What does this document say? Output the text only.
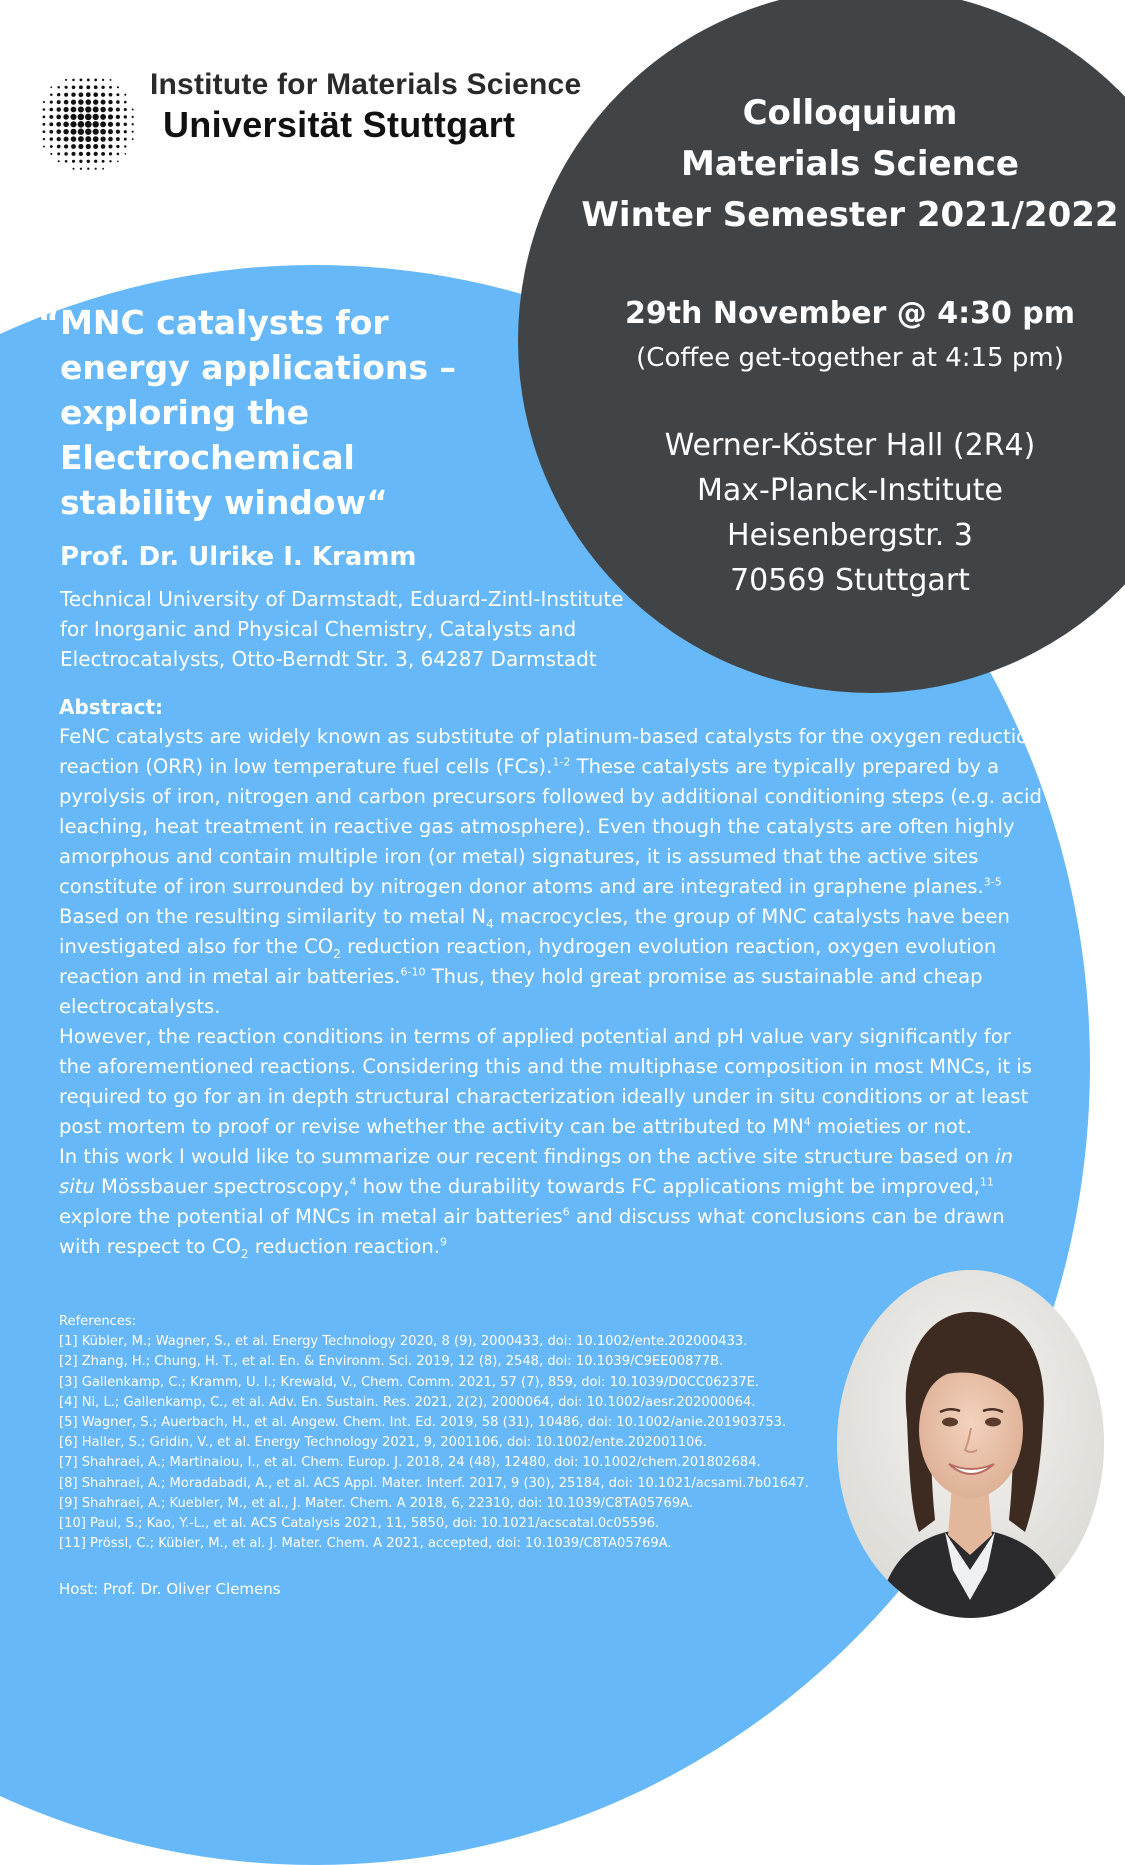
Institute for Materials Science
Universität Stuttgart	Colloquium
Materials Science
Winter Semester 2021/2022
29th November @ 4:30 pm
(Coffee get-together at 4:15 pm)
Werner-Köster Hall (2R4)
Max-Planck-Institute
Heisenbergstr. 3
70569 Stuttgart
“ MNC catalysts for
energy applications –
exploring the
Electrochemical
stability window“
Prof. Dr. Ulrike I. Kramm
Technical University of Darmstadt, Eduard-Zintl-Institute
for Inorganic and Physical Chemistry, Catalysts and
Electrocatalysts, Otto-Berndt Str. 3, 64287 Darmstadt
Abstract:

FeNC catalysts are widely known as substitute of platinum-based catalysts for the oxygen reduction reaction (ORR) in low temperature fuel cells (FCs).$^{1-2}$ These catalysts are typically prepared by a pyrolysis of iron, nitrogen and carbon precursors followed by additional conditioning steps (e.g. acid leaching, heat treatment in reactive gas atmosphere). Even though the catalysts are often highly amorphous and contain multiple iron (or metal) signatures, it is assumed that the active sites constitute of iron surrounded by nitrogen donor atoms and are integrated in graphene planes.$^{3-5}$ Based on the resulting similarity to metal $N_4$ macrocycles, the group of MNC catalysts have been investigated also for the $CO_2$ reduction reaction, hydrogen evolution reaction, oxygen evolution reaction and in metal air batteries.$^{6-10}$ Thus, they hold great promise as sustainable and cheap electrocatalysts.

However, the reaction conditions in terms of applied potential and pH value vary significantly for the aforementioned reactions. Considering this and the multiphase composition in most MNCs, it is required to go for an in depth structural characterization ideally under in situ conditions or at least post mortem to proof or revise whether the activity can be attributed to $MN^4$ moieties or not.

In this work I would like to summarize our recent findings on the active site structure based on in situ Mössbauer spectroscopy,$^4$ how the durability towards FC applications might be improved,$^{11}$ explore the potential of MNCs in metal air batteries$^6$ and discuss what conclusions can be drawn with respect to $CO_2$ reduction reaction.$^9$

References:
[1] Kübler, M.; Wagner, S., et al. Energy Technology 2020, 8 (9), 2000433, doi: 10.1002/ente.202000433.
[2] Zhang, H.; Chung, H. T., et al. En. & Environm. Sci. 2019, 12 (8), 2548, doi: 10.1039/C9EE00877B.
[3] Gallenkamp, C.; Kramm, U. I.; Krewald, V., Chem. Comm. 2021, 57 (7), 859, doi: 10.1039/D0CC06237E.
[4] Ni, L.; Gallenkamp, C., et al. Adv. En. Sustain. Res. 2021, 2(2), 2000064, doi: 10.1002/aesr.202000064.
[5] Wagner, S.; Auerbach, H., et al. Angew. Chem. Int. Ed. 2019, 58 (31), 10486, doi: 10.1002/anie.201903753.
[6] Haller, S.; Gridin, V., et al. Energy Technology 2021, 9, 2001106, doi: 10.1002/ente.202001106.
[7] Shahraei, A.; Martinaiou, I., et al. Chem. Europ. J. 2018, 24 (48), 12480, doi: 10.1002/chem.201802684.
[8] Shahraei, A.; Moradabadi, A., et al. ACS Appl. Mater. Interf. 2017, 9 (30), 25184, doi: 10.1021/acsami.7b01647.
[9] Shahraei, A.; Kuebler, M., et al., J. Mater. Chem. A 2018, 6, 22310, doi: 10.1039/C8TA05769A.
[10] Paul, S.; Kao, Y.-L., et al. ACS Catalysis 2021, 11, 5850, doi: 10.1021/acscatal.0c05596.
[11] Prössl, C.; Kübler, M., et al. J. Mater. Chem. A 2021, accepted, doi: 10.1039/C8TA05769A.
Host: Prof. Dr. Oliver Clemens
